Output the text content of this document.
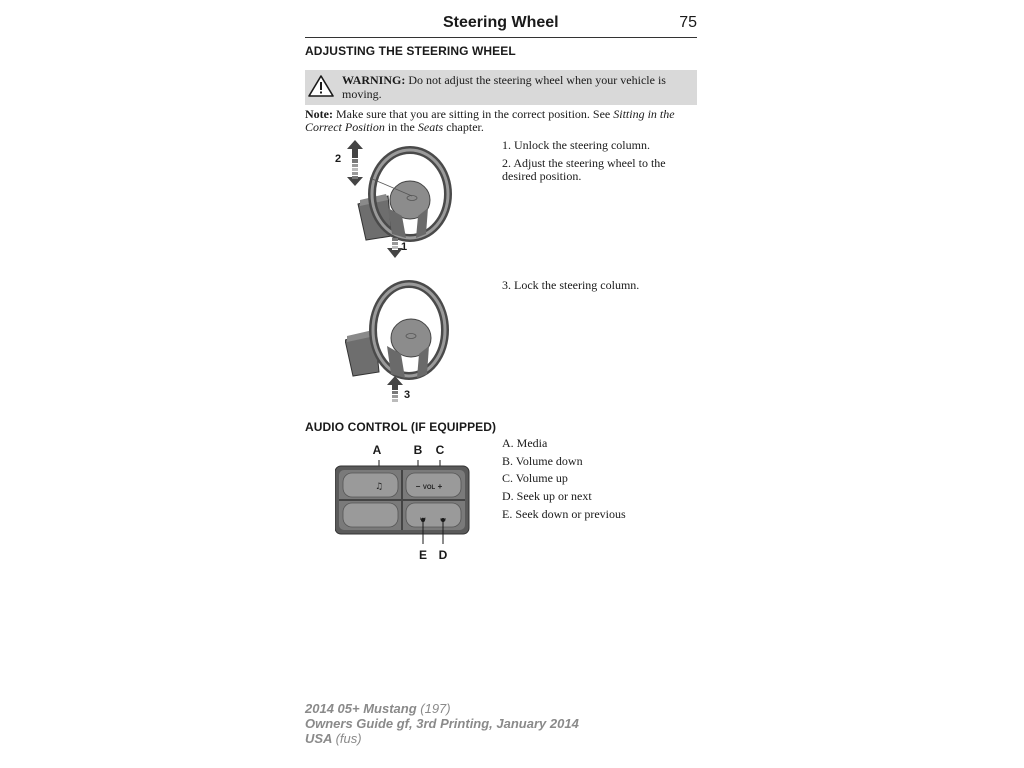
Steering Wheel	75
ADJUSTING THE STEERING WHEEL
WARNING: Do not adjust the steering wheel when your vehicle is moving.
Note: Make sure that you are sitting in the correct position. See Sitting in the Correct Position in the Seats chapter.
2
1
1. Unlock the steering column.
2. Adjust the steering wheel to the desired position.
3
3. Lock the steering column.
AUDIO CONTROL (IF EQUIPPED)
A	B C
♫	− VOL +
E D
A. Media
B. Volume down
C. Volume up
D. Seek up or next
E. Seek down or previous
2014 05+ Mustang (197)
Owners Guide gf, 3rd Printing, January 2014
USA (fus)
